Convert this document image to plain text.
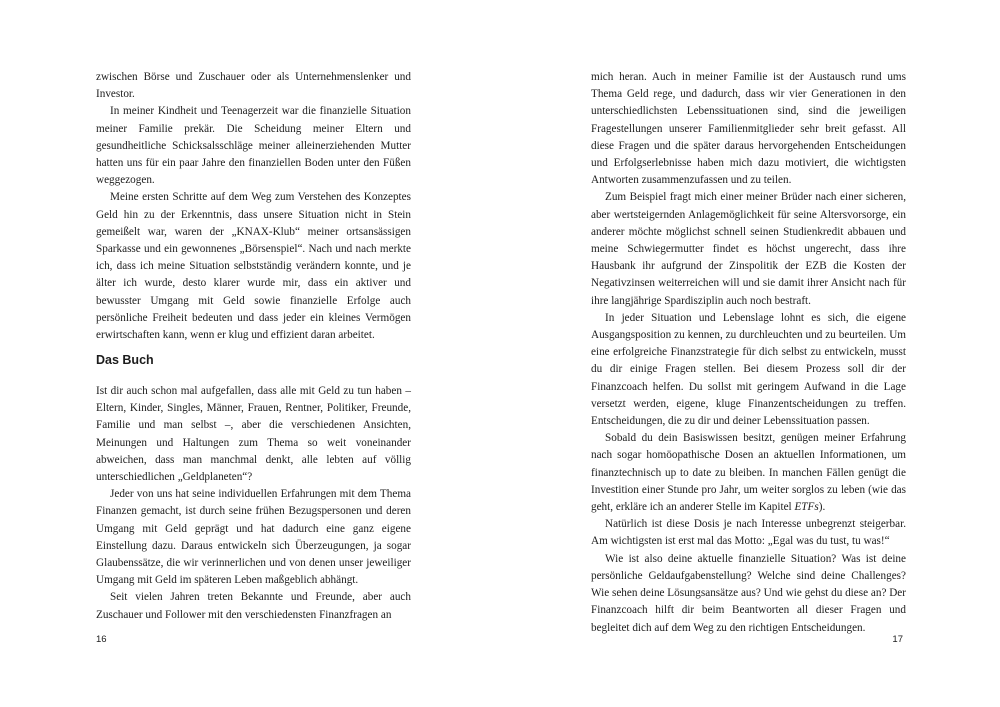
zwischen Börse und Zuschauer oder als Unternehmenslenker und Investor.

In meiner Kindheit und Teenagerzeit war die finanzielle Situation meiner Familie prekär. Die Scheidung meiner Eltern und gesundheitliche Schicksalsschläge meiner alleinerziehenden Mutter hatten uns für ein paar Jahre den finanziellen Boden unter den Füßen weggezogen.

Meine ersten Schritte auf dem Weg zum Verstehen des Konzeptes Geld hin zu der Erkenntnis, dass unsere Situation nicht in Stein gemeißelt war, waren der „KNAX-Klub“ meiner ortsansässigen Sparkasse und ein gewonnenes „Börsenspiel“. Nach und nach merkte ich, dass ich meine Situation selbstständig verändern konnte, und je älter ich wurde, desto klarer wurde mir, dass ein aktiver und bewusster Umgang mit Geld sowie finanzielle Erfolge auch persönliche Freiheit bedeuten und dass jeder ein kleines Vermögen erwirtschaften kann, wenn er klug und effizient daran arbeitet.

Das Buch

Ist dir auch schon mal aufgefallen, dass alle mit Geld zu tun haben – Eltern, Kinder, Singles, Männer, Frauen, Rentner, Politiker, Freunde, Familie und man selbst –, aber die verschiedenen Ansichten, Meinungen und Haltungen zum Thema so weit voneinander abweichen, dass man manchmal denkt, alle lebten auf völlig unterschiedlichen „Geldplaneten“?

Jeder von uns hat seine individuellen Erfahrungen mit dem Thema Finanzen gemacht, ist durch seine frühen Bezugspersonen und deren Umgang mit Geld geprägt und hat dadurch eine ganz eigene Einstellung dazu. Daraus entwickeln sich Überzeugungen, ja sogar Glaubenssätze, die wir verinnerlichen und von denen unser jeweiliger Umgang mit Geld im späteren Leben maßgeblich abhängt.

Seit vielen Jahren treten Bekannte und Freunde, aber auch Zuschauer und Follower mit den verschiedensten Finanzfragen an

16

mich heran. Auch in meiner Familie ist der Austausch rund ums Thema Geld rege, und dadurch, dass wir vier Generationen in den unterschiedlichsten Lebenssituationen sind, sind die jeweiligen Fragestellungen unserer Familienmitglieder sehr breit gefasst. All diese Fragen und die später daraus hervorgehenden Entscheidungen und Erfolgserlebnisse haben mich dazu motiviert, die wichtigsten Antworten zusammenzufassen und zu teilen.

Zum Beispiel fragt mich einer meiner Brüder nach einer sicheren, aber wertsteigernden Anlagemöglichkeit für seine Altersvorsorge, ein anderer möchte möglichst schnell seinen Studienkredit abbauen und meine Schwiegermutter findet es höchst ungerecht, dass ihre Hausbank ihr aufgrund der Zinspolitik der EZB die Kosten der Negativzinsen weiterreichen will und sie damit ihrer Ansicht nach für ihre langjährige Spardisziplin auch noch bestraft.

In jeder Situation und Lebenslage lohnt es sich, die eigene Ausgangsposition zu kennen, zu durchleuchten und zu beurteilen. Um eine erfolgreiche Finanzstrategie für dich selbst zu entwickeln, musst du dir einige Fragen stellen. Bei diesem Prozess soll dir der Finanzcoach helfen. Du sollst mit geringem Aufwand in die Lage versetzt werden, eigene, kluge Finanzentscheidungen zu treffen. Entscheidungen, die zu dir und deiner Lebenssituation passen.

Sobald du dein Basiswissen besitzt, genügen meiner Erfahrung nach sogar homöopathische Dosen an aktuellen Informationen, um finanztechnisch up to date zu bleiben. In manchen Fällen genügt die Investition einer Stunde pro Jahr, um weiter sorglos zu leben (wie das geht, erkläre ich an anderer Stelle im Kapitel ETFs).

Natürlich ist diese Dosis je nach Interesse unbegrenzt steigerbar. Am wichtigsten ist erst mal das Motto: „Egal was du tust, tu was!“

Wie ist also deine aktuelle finanzielle Situation? Was ist deine persönliche Geldaufgabenstellung? Welche sind deine Challenges? Wie sehen deine Lösungsansätze aus? Und wie gehst du diese an? Der Finanzcoach hilft dir beim Beantworten all dieser Fragen und begleitet dich auf dem Weg zu den richtigen Entscheidungen.

17
